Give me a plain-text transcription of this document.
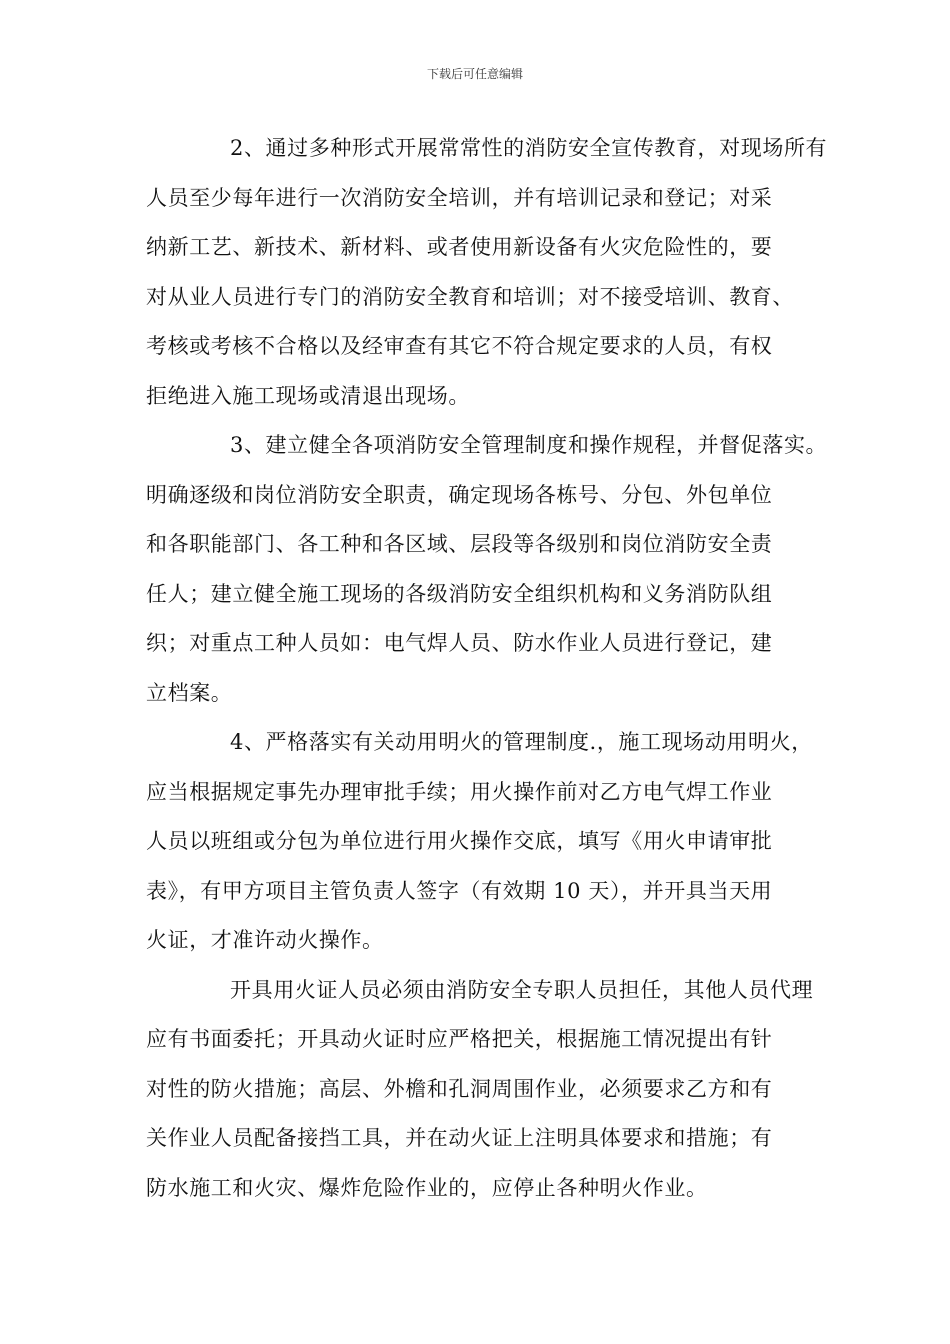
下载后可任意编辑
2、通过多种形式开展常常性的消防安全宣传教育，对现场所有
人员至少每年进行一次消防安全培训，并有培训记录和登记；对采
纳新工艺、新技术、新材料、或者使用新设备有火灾危险性的，要
对从业人员进行专门的消防安全教育和培训；对不接受培训、教育、
考核或考核不合格以及经审查有其它不符合规定要求的人员，有权
拒绝进入施工现场或清退出现场。
3、建立健全各项消防安全管理制度和操作规程，并督促落实。
明确逐级和岗位消防安全职责，确定现场各栋号、分包、外包单位
和各职能部门、各工种和各区域、层段等各级别和岗位消防安全责
任人；建立健全施工现场的各级消防安全组织机构和义务消防队组
织；对重点工种人员如：电气焊人员、防水作业人员进行登记，建
立档案。
4、严格落实有关动用明火的管理制度.，施工现场动用明火，
应当根据规定事先办理审批手续；用火操作前对乙方电气焊工作业
人员以班组或分包为单位进行用火操作交底，填写《用火申请审批
表》，有甲方项目主管负责人签字（有效期 10 天），并开具当天用
火证，才准许动火操作。
开具用火证人员必须由消防安全专职人员担任，其他人员代理
应有书面委托；开具动火证时应严格把关，根据施工情况提出有针
对性的防火措施；高层、外檐和孔洞周围作业，必须要求乙方和有
关作业人员配备接挡工具，并在动火证上注明具体要求和措施；有
防水施工和火灾、爆炸危险作业的，应停止各种明火作业。
